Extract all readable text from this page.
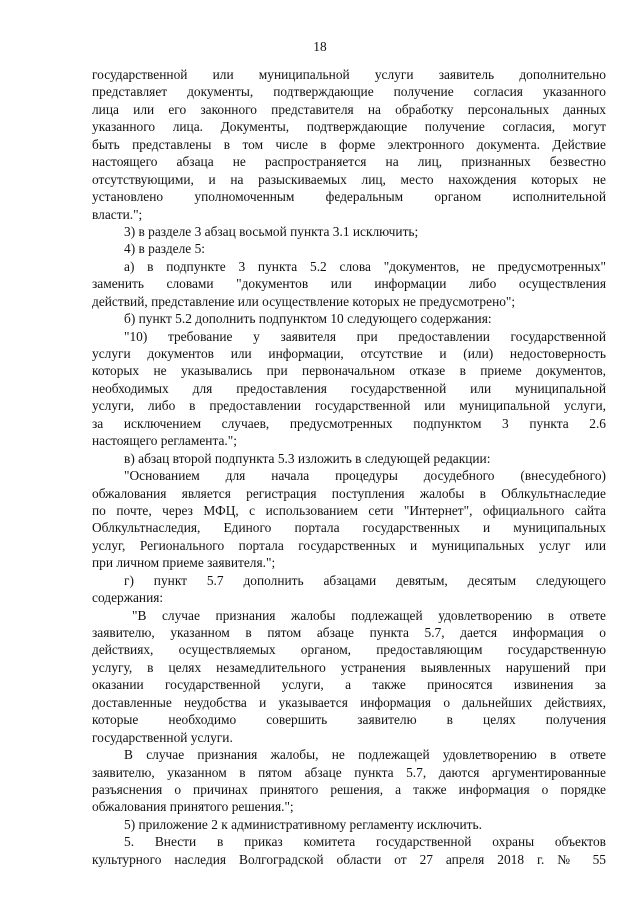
18
государственной или муниципальной услуги заявитель дополнительно
представляет документы, подтверждающие получение согласия указанного
лица или его законного представителя на обработку персональных данных
указанного лица. Документы, подтверждающие получение согласия, могут
быть представлены в том числе в форме электронного документа. Действие
настоящего абзаца не распространяется на лиц, признанных безвестно
отсутствующими, и на разыскиваемых лиц, место нахождения которых не
установлено уполномоченным федеральным органом исполнительной
власти.";
3) в разделе 3 абзац восьмой пункта 3.1 исключить;
4) в разделе 5:
а) в подпункте 3 пункта 5.2 слова "документов, не предусмотренных"
заменить словами "документов или информации либо осуществления
действий, представление или осуществление которых не предусмотрено";
б) пункт 5.2 дополнить подпунктом 10 следующего содержания:
"10) требование у заявителя при предоставлении государственной
услуги документов или информации, отсутствие и (или) недостоверность
которых не указывались при первоначальном отказе в приеме документов,
необходимых для предоставления государственной или муниципальной
услуги, либо в предоставлении государственной или муниципальной услуги,
за исключением случаев, предусмотренных подпунктом 3 пункта 2.6
настоящего регламента.";
в) абзац второй подпункта 5.3 изложить в следующей редакции:
"Основанием для начала процедуры досудебного (внесудебного)
обжалования является регистрация поступления жалобы в Облкультнаследие
по почте, через МФЦ, с использованием сети "Интернет", официального сайта
Облкультнаследия, Единого портала государственных и муниципальных
услуг, Регионального портала государственных и муниципальных услуг или
при личном приеме заявителя.";
г) пункт 5.7 дополнить абзацами девятым, десятым следующего
содержания:
"В случае признания жалобы подлежащей удовлетворению в ответе
заявителю, указанном в пятом абзаце пункта 5.7, дается информация о
действиях, осуществляемых органом, предоставляющим государственную
услугу, в целях незамедлительного устранения выявленных нарушений при
оказании государственной услуги, а также приносятся извинения за
доставленные неудобства и указывается информация о дальнейших действиях,
которые необходимо совершить заявителю в целях получения
государственной услуги.
В случае признания жалобы, не подлежащей удовлетворению в ответе
заявителю, указанном в пятом абзаце пункта 5.7, даются аргументированные
разъяснения о причинах принятого решения, а также информация о порядке
обжалования принятого решения.";
5) приложение 2 к административному регламенту исключить.
5. Внести в приказ комитета государственной охраны объектов
культурного наследия Волгоградской области от 27 апреля 2018 г. № 55
